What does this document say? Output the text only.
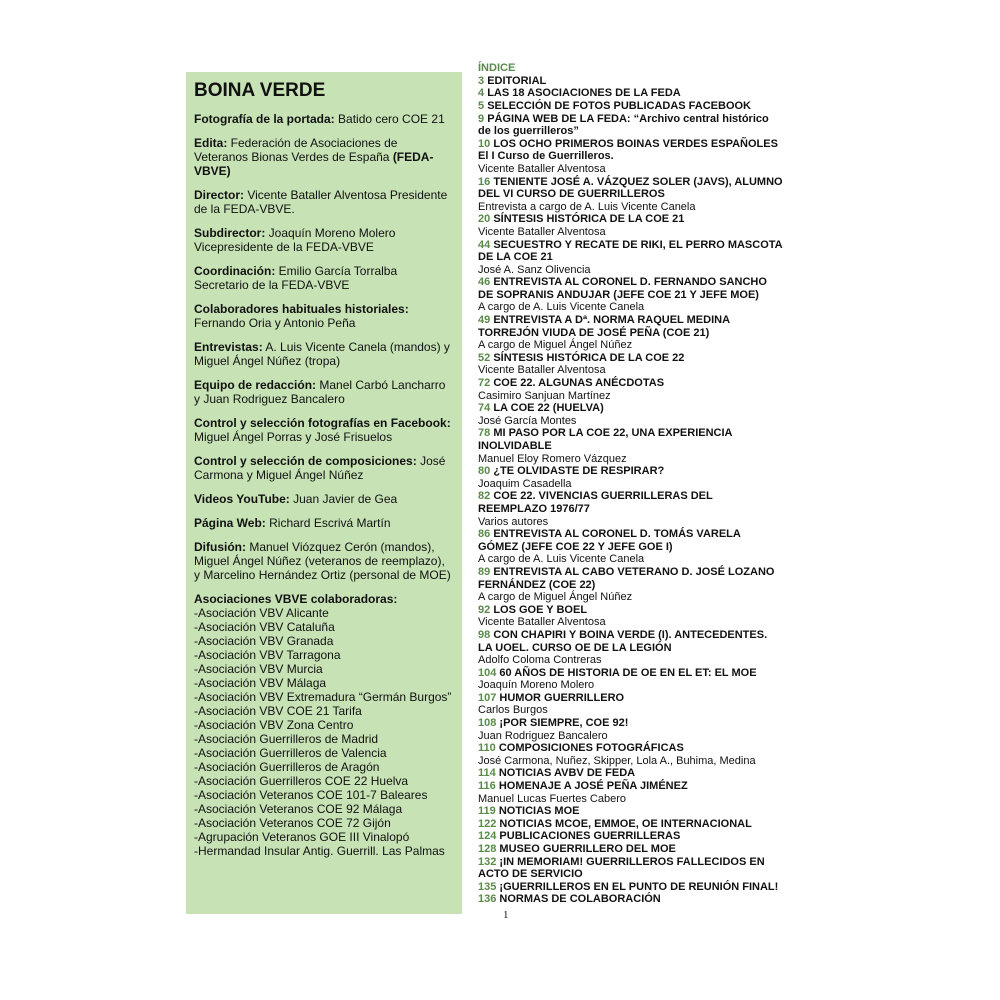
BOINA VERDE
Fotografía de la portada: Batido cero COE 21
Edita: Federación de Asociaciones de Veteranos Bionas Verdes de España (FEDA-VBVE)
Director: Vicente Bataller Alventosa Presidente de la FEDA-VBVE.
Subdirector: Joaquín Moreno Molero Vicepresidente de la FEDA-VBVE
Coordinación: Emilio García Torralba Secretario de la FEDA-VBVE
Colaboradores habituales historiales: Fernando Oria y Antonio Peña
Entrevistas: A. Luis Vicente Canela (mandos) y Miguel Ángel Núñez (tropa)
Equipo de redacción: Manel Carbó Lancharro y Juan Rodriguez Bancalero
Control y selección fotografías en Facebook: Miguel Ángel Porras y José Frisuelos
Control y selección de composiciones: José Carmona y Miguel Ángel Núñez
Videos YouTube: Juan Javier de Gea
Página Web: Richard Escrivá Martín
Difusión: Manuel Viózquez Cerón (mandos), Miguel Ángel Núñez (veteranos de reemplazo), y Marcelino Hernández Ortiz (personal de MOE)
Asociaciones VBVE colaboradoras:
-Asociación VBV Alicante
-Asociación VBV Cataluña
-Asociación VBV Granada
-Asociación VBV Tarragona
-Asociación VBV Murcia
-Asociación VBV Málaga
-Asociación VBV Extremadura “Germán Burgos”
-Asociación VBV COE 21 Tarifa
-Asociación VBV Zona Centro
-Asociación Guerrilleros de Madrid
-Asociación Guerrilleros de Valencia
-Asociación Guerrilleros de Aragón
-Asociación Guerrilleros COE 22 Huelva
-Asociación Veteranos COE 101-7 Baleares
-Asociación Veteranos COE 92 Málaga
-Asociación Veteranos COE 72 Gijón
-Agrupación Veteranos GOE III Vinalopó
-Hermandad Insular Antig. Guerrill. Las Palmas
ÍNDICE
3 EDITORIAL
4 LAS 18 ASOCIACIONES DE LA FEDA
5 SELECCIÓN DE FOTOS PUBLICADAS FACEBOOK
9 PÁGINA WEB DE LA FEDA: “Archivo central histórico de los guerrilleros”
10 LOS OCHO PRIMEROS BOINAS VERDES ESPAÑOLES El I Curso de Guerrilleros.
Vicente Bataller Alventosa
16 TENIENTE JOSÉ A. VÁZQUEZ SOLER (JAVS), ALUMNO DEL VI CURSO DE GUERRILLEROS
Entrevista a cargo de A. Luis Vicente Canela
20 SÍNTESIS HISTÓRICA DE LA COE 21
Vicente Bataller Alventosa
44 SECUESTRO Y RECATE DE RIKI, EL PERRO MASCOTA DE LA COE 21
José A. Sanz Olivencia
46 ENTREVISTA AL CORONEL D. FERNANDO SANCHO DE SOPRANIS ANDUJAR (JEFE COE 21 Y JEFE MOE)
A cargo de A. Luis Vicente Canela
49 ENTREVISTA A Dª. NORMA RAQUEL MEDINA TORREJÓN VIUDA DE JOSÉ PEÑA (COE 21)
A cargo de Miguel Ángel Núñez
52 SÍNTESIS HISTÓRICA DE LA COE 22
Vicente Bataller Alventosa
72 COE 22. ALGUNAS ANÉCDOTAS
Casimiro Sanjuan Martínez
74 LA COE 22 (HUELVA)
José García Montes
78 MI PASO POR LA COE 22, UNA EXPERIENCIA INOLVIDABLE
Manuel Eloy Romero Vázquez
80 ¿TE OLVIDASTE DE RESPIRAR?
Joaquim Casadella
82 COE 22. VIVENCIAS GUERRILLERAS DEL REEMPLAZO 1976/77
Varios autores
86 ENTREVISTA AL CORONEL D. TOMÁS VARELA GÓMEZ (JEFE COE 22 Y JEFE GOE I)
A cargo de A. Luis Vicente Canela
89 ENTREVISTA AL CABO VETERANO D. JOSÉ LOZANO FERNÁNDEZ (COE 22)
A cargo de Miguel Ángel Núñez
92 LOS GOE Y BOEL
Vicente Bataller Alventosa
98 CON CHAPIRI Y BOINA VERDE (I). ANTECEDENTES. LA UOEL. CURSO OE DE LA LEGIÓN
Adolfo Coloma Contreras
104 60 AÑOS DE HISTORIA DE OE EN EL ET: EL MOE
Joaquín Moreno Molero
107 HUMOR GUERRILLERO
Carlos Burgos
108 ¡POR SIEMPRE, COE 92!
Juan Rodriguez Bancalero
110 COMPOSICIONES FOTOGRÁFICAS
José Carmona, Nuñez, Skipper, Lola A., Buhima, Medina
114 NOTICIAS AVBV DE FEDA
116 HOMENAJE A JOSÉ PEÑA JIMÉNEZ
Manuel Lucas Fuertes Cabero
119 NOTICIAS MOE
122 NOTICIAS MCOE, EMMOE, OE INTERNACIONAL
124 PUBLICACIONES GUERRILLERAS
128 MUSEO GUERRILLERO DEL MOE
132 ¡IN MEMORIAM! GUERRILLEROS FALLECIDOS EN ACTO DE SERVICIO
135 ¡GUERRILLEROS EN EL PUNTO DE REUNIÓN FINAL!
136 NORMAS DE COLABORACIÓN
1
